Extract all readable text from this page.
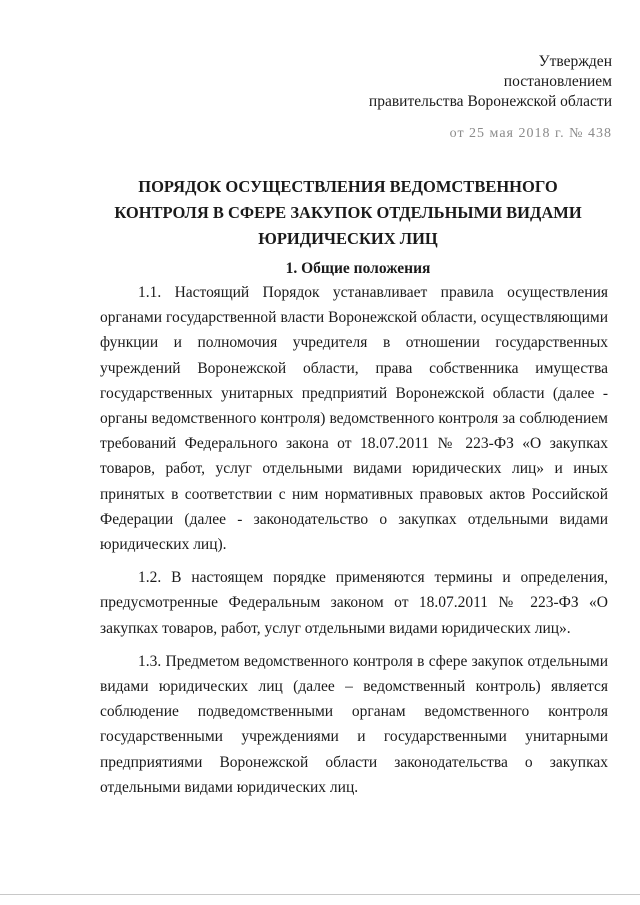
Утвержден
постановлением
правительства Воронежской области
от 25 мая 2018 г. № 438
ПОРЯДОК ОСУЩЕСТВЛЕНИЯ ВЕДОМСТВЕННОГО КОНТРОЛЯ В СФЕРЕ ЗАКУПОК ОТДЕЛЬНЫМИ ВИДАМИ ЮРИДИЧЕСКИХ ЛИЦ
1. Общие положения

1.1. Настоящий Порядок устанавливает правила осуществления органами государственной власти Воронежской области, осуществляющими функции и полномочия учредителя в отношении государственных учреждений Воронежской области, права собственника имущества государственных унитарных предприятий Воронежской области (далее - органы ведомственного контроля) ведомственного контроля за соблюдением требований Федерального закона от 18.07.2011 № 223-ФЗ «О закупках товаров, работ, услуг отдельными видами юридических лиц» и иных принятых в соответствии с ним нормативных правовых актов Российской Федерации (далее - законодательство о закупках отдельными видами юридических лиц).

1.2. В настоящем порядке применяются термины и определения, предусмотренные Федеральным законом от 18.07.2011 № 223-ФЗ «О закупках товаров, работ, услуг отдельными видами юридических лиц».

1.3. Предметом ведомственного контроля в сфере закупок отдельными видами юридических лиц (далее – ведомственный контроль) является соблюдение подведомственными органам ведомственного контроля государственными учреждениями и государственными унитарными предприятиями Воронежской области законодательства о закупках отдельными видами юридических лиц.
